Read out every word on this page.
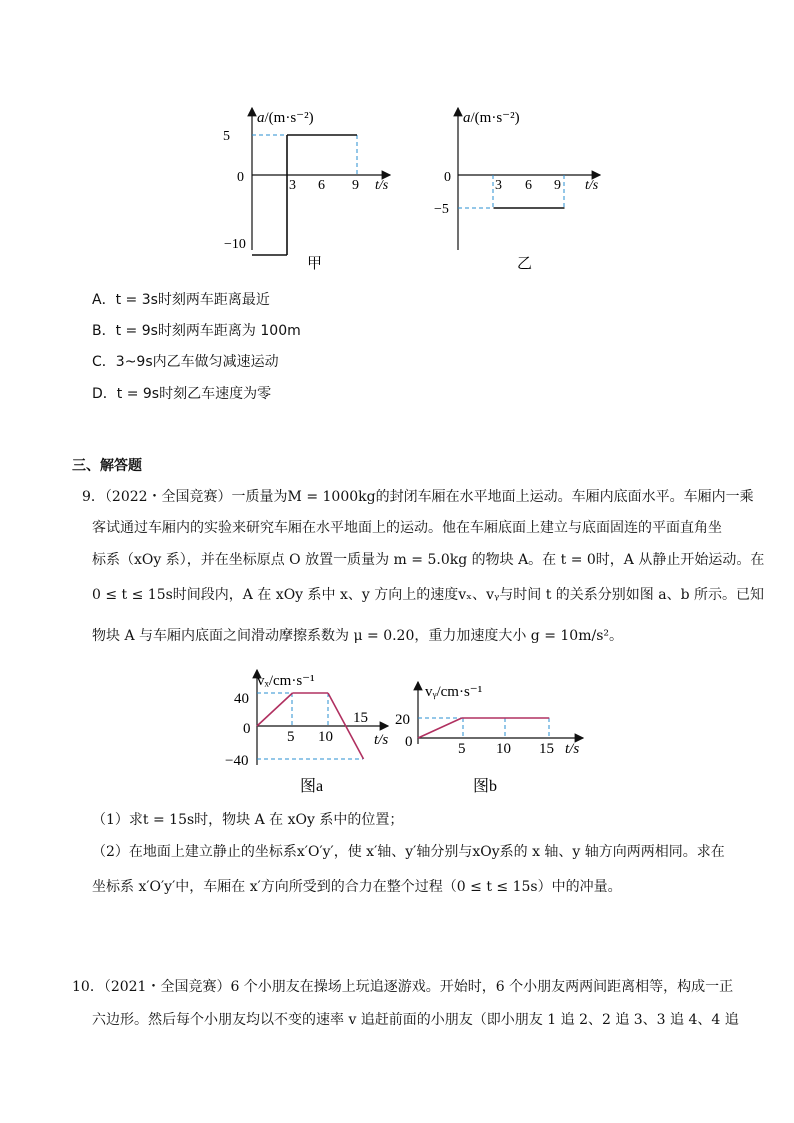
a/(m·s⁻²)
5
0
−10
3 6 9 t/s
甲
a/(m·s⁻²)
0
−5
3 6 9 t/s
乙
A．t = 3s时刻两车距离最近
B．t = 9s时刻两车距离为 100m
C．3~9s内乙车做匀减速运动
D．t = 9s时刻乙车速度为零
三、解答题
9．（2022・全国竞赛）一质量为M = 1000kg的封闭车厢在水平地面上运动。车厢内底面水平。车厢内一乘
客试通过车厢内的实验来研究车厢在水平地面上的运动。他在车厢底面上建立与底面固连的平面直角坐
标系（xOy 系），并在坐标原点 O 放置一质量为 m = 5.0kg 的物块 A。在 t = 0时，A 从静止开始运动。在
0 ≤ t ≤ 15s时间段内，A 在 xOy 系中 x、y 方向上的速度vₓ、vᵧ与时间 t 的关系分别如图 a、b 所示。已知
物块 A 与车厢内底面之间滑动摩擦系数为 μ = 0.20，重力加速度大小 g = 10m/s²。
vₓ/cm·s⁻¹
40
0
−40
5 10
15
t/s
图a
vᵧ/cm·s⁻¹
20
0	5 10 15 t/s
图b
（1）求t = 15s时，物块 A 在 xOy 系中的位置；
（2）在地面上建立静止的坐标系x′O′y′，使 x′轴、y′轴分别与xOy系的 x 轴、y 轴方向两两相同。求在
坐标系 x′O′y′中，车厢在 x′方向所受到的合力在整个过程（0 ≤ t ≤ 15s）中的冲量。
10．（2021・全国竞赛）6 个小朋友在操场上玩追逐游戏。开始时，6 个小朋友两两间距离相等，构成一正
六边形。然后每个小朋友均以不变的速率 v 追赶前面的小朋友（即小朋友 1 追 2、2 追 3、3 追 4、4 追
